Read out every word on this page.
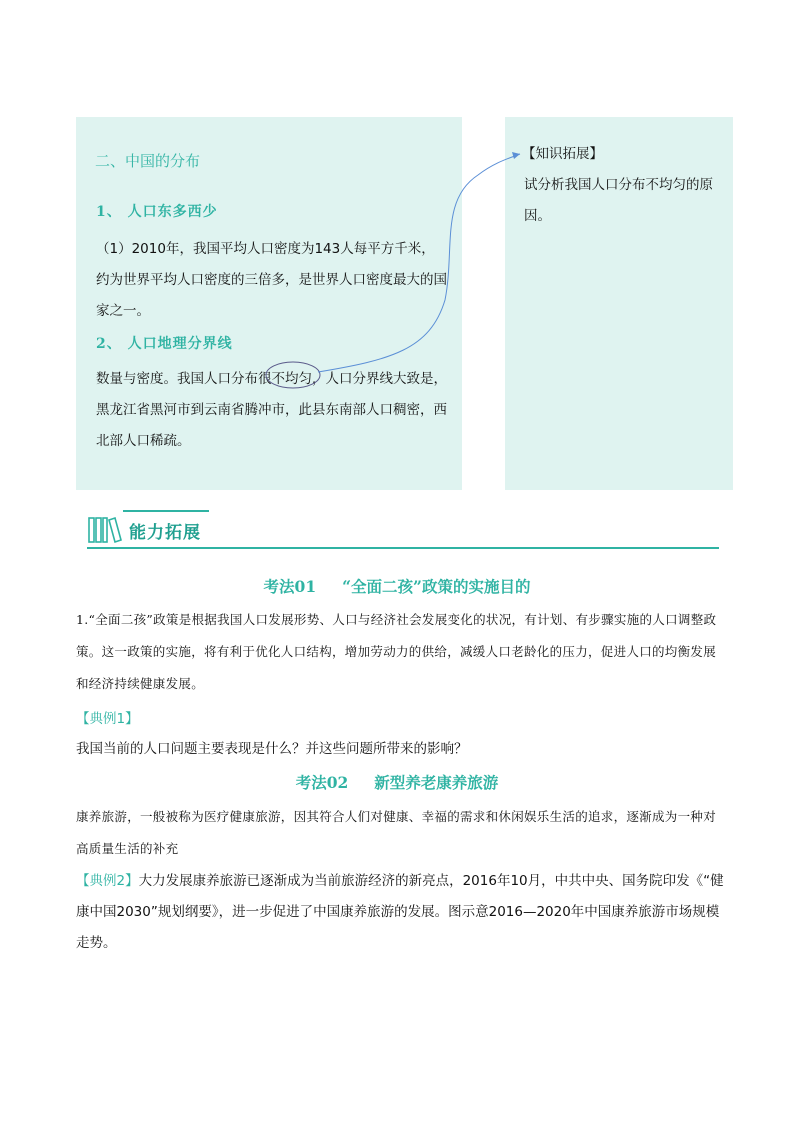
二、中国的分布
1、 人口东多西少
（1）2010年，我国平均人口密度为143人每平方千米，约为世界平均人口密度的三倍多，是世界人口密度最大的国家之一。
2、 人口地理分界线
数量与密度。我国人口分布很不均匀，人口分界线大致是，黑龙江省黑河市到云南省腾冲市，此县东南部人口稠密，西北部人口稀疏。
【知识拓展】
试分析我国人口分布不均匀的原因。
能力拓展
考法01 “全面二孩”政策的实施目的
1.“全面二孩”政策是根据我国人口发展形势、人口与经济社会发展变化的状况，有计划、有步骤实施的人口调整政策。这一政策的实施，将有利于优化人口结构，增加劳动力的供给，减缓人口老龄化的压力，促进人口的均衡发展和经济持续健康发展。
【典例1】
我国当前的人口问题主要表现是什么？并这些问题所带来的影响？
考法02 新型养老康养旅游
康养旅游，一般被称为医疗健康旅游，因其符合人们对健康、幸福的需求和休闲娱乐生活的追求，逐渐成为一种对高质量生活的补充
【典例2】大力发展康养旅游已逐渐成为当前旅游经济的新亮点，2016年10月，中共中央、国务院印发《“健康中国2030”规划纲要》，进一步促进了中国康养旅游的发展。图示意2016—2020年中国康养旅游市场规模走势。
